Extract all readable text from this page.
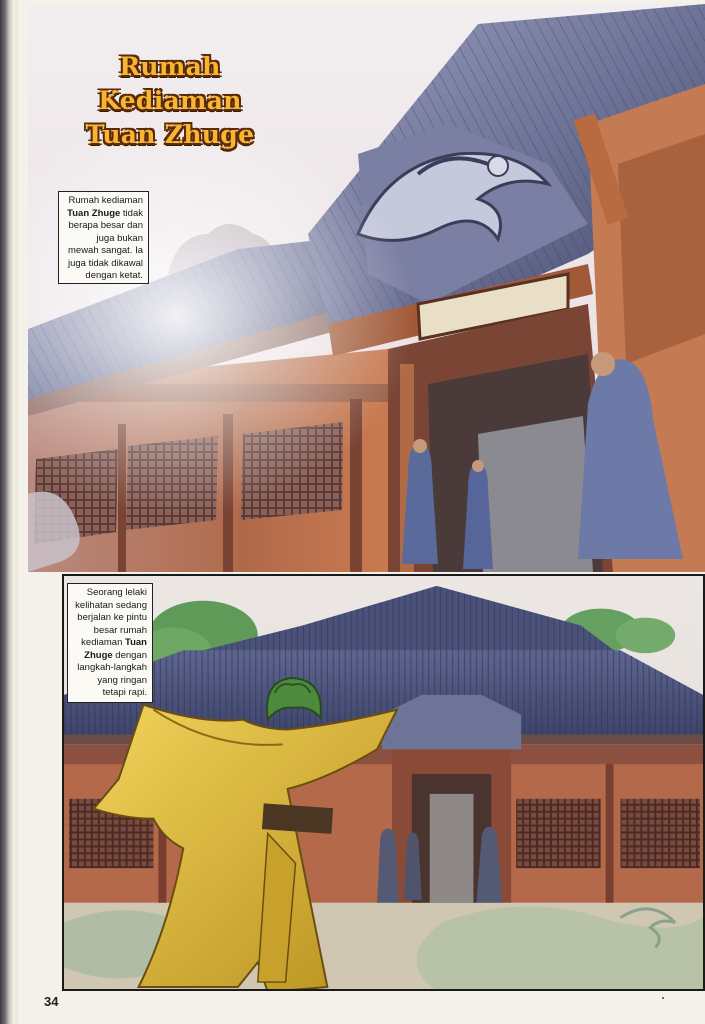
Rumah
Kediaman
Tuan Zhuge
Rumah kediaman Tuan Zhuge tidak berapa besar dan juga bukan mewah sangat. Ia juga tidak dikawal dengan ketat.
Seorang lelaki kelihatan sedang berjalan ke pintu besar rumah kediaman Tuan Zhuge dengan langkah-langkah yang ringan tetapi rapi.
34
